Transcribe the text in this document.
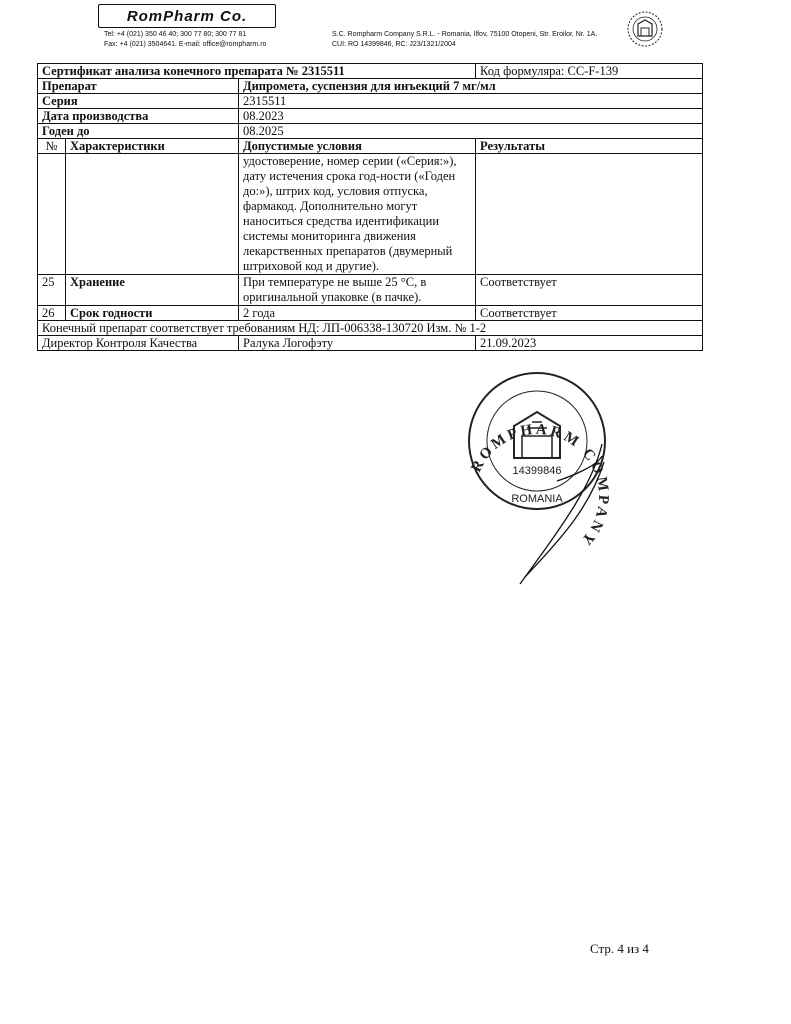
RomPharm Co.
Tel: +4 (021) 350 46 40; 300 77 80; 300 77 81
Fax: +4 (021) 3504641. E-mail: office@rompharm.ro
S.C. Rompharm Company S.R.L. - Romania, Ilfov, 75100 Otopeni, Str. Eroilor, Nr. 1A.
CUI: RO 14399846, RC: J23/1321/2004
Сертификат анализа конечного препарата № 2315511			Код формуляра: CC-F-139
Препарат		Дипромета, суспензия для инъекций 7 мг/мл	
Серия		2315511	
Дата производства		08.2023	
Годен до		08.2025	
№	Характеристики	Допустимые условия	Результаты
		удостоверение, номер серии («Серия:»), дату истечения срока год-ности («Годен до:»), штрих код, условия отпуска, фармакод. Дополнительно могут наноситься средства идентификации системы мониторинга движения лекарственных препаратов (двумерный штриховой код и другие).	
25	Хранение	При температуре не выше 25 °С, в оригинальной упаковке (в пачке).	Соответствует
26	Срок годности	2 года	Соответствует
Конечный препарат соответствует требованиям НД: ЛП-006338-130720 Изм. № 1-2			
Директор Контроля Качества		Ралука Логофэту	21.09.2023
ROMPHARM COMPANY
14399846
ROMANIA
Стр. 4 из 4
